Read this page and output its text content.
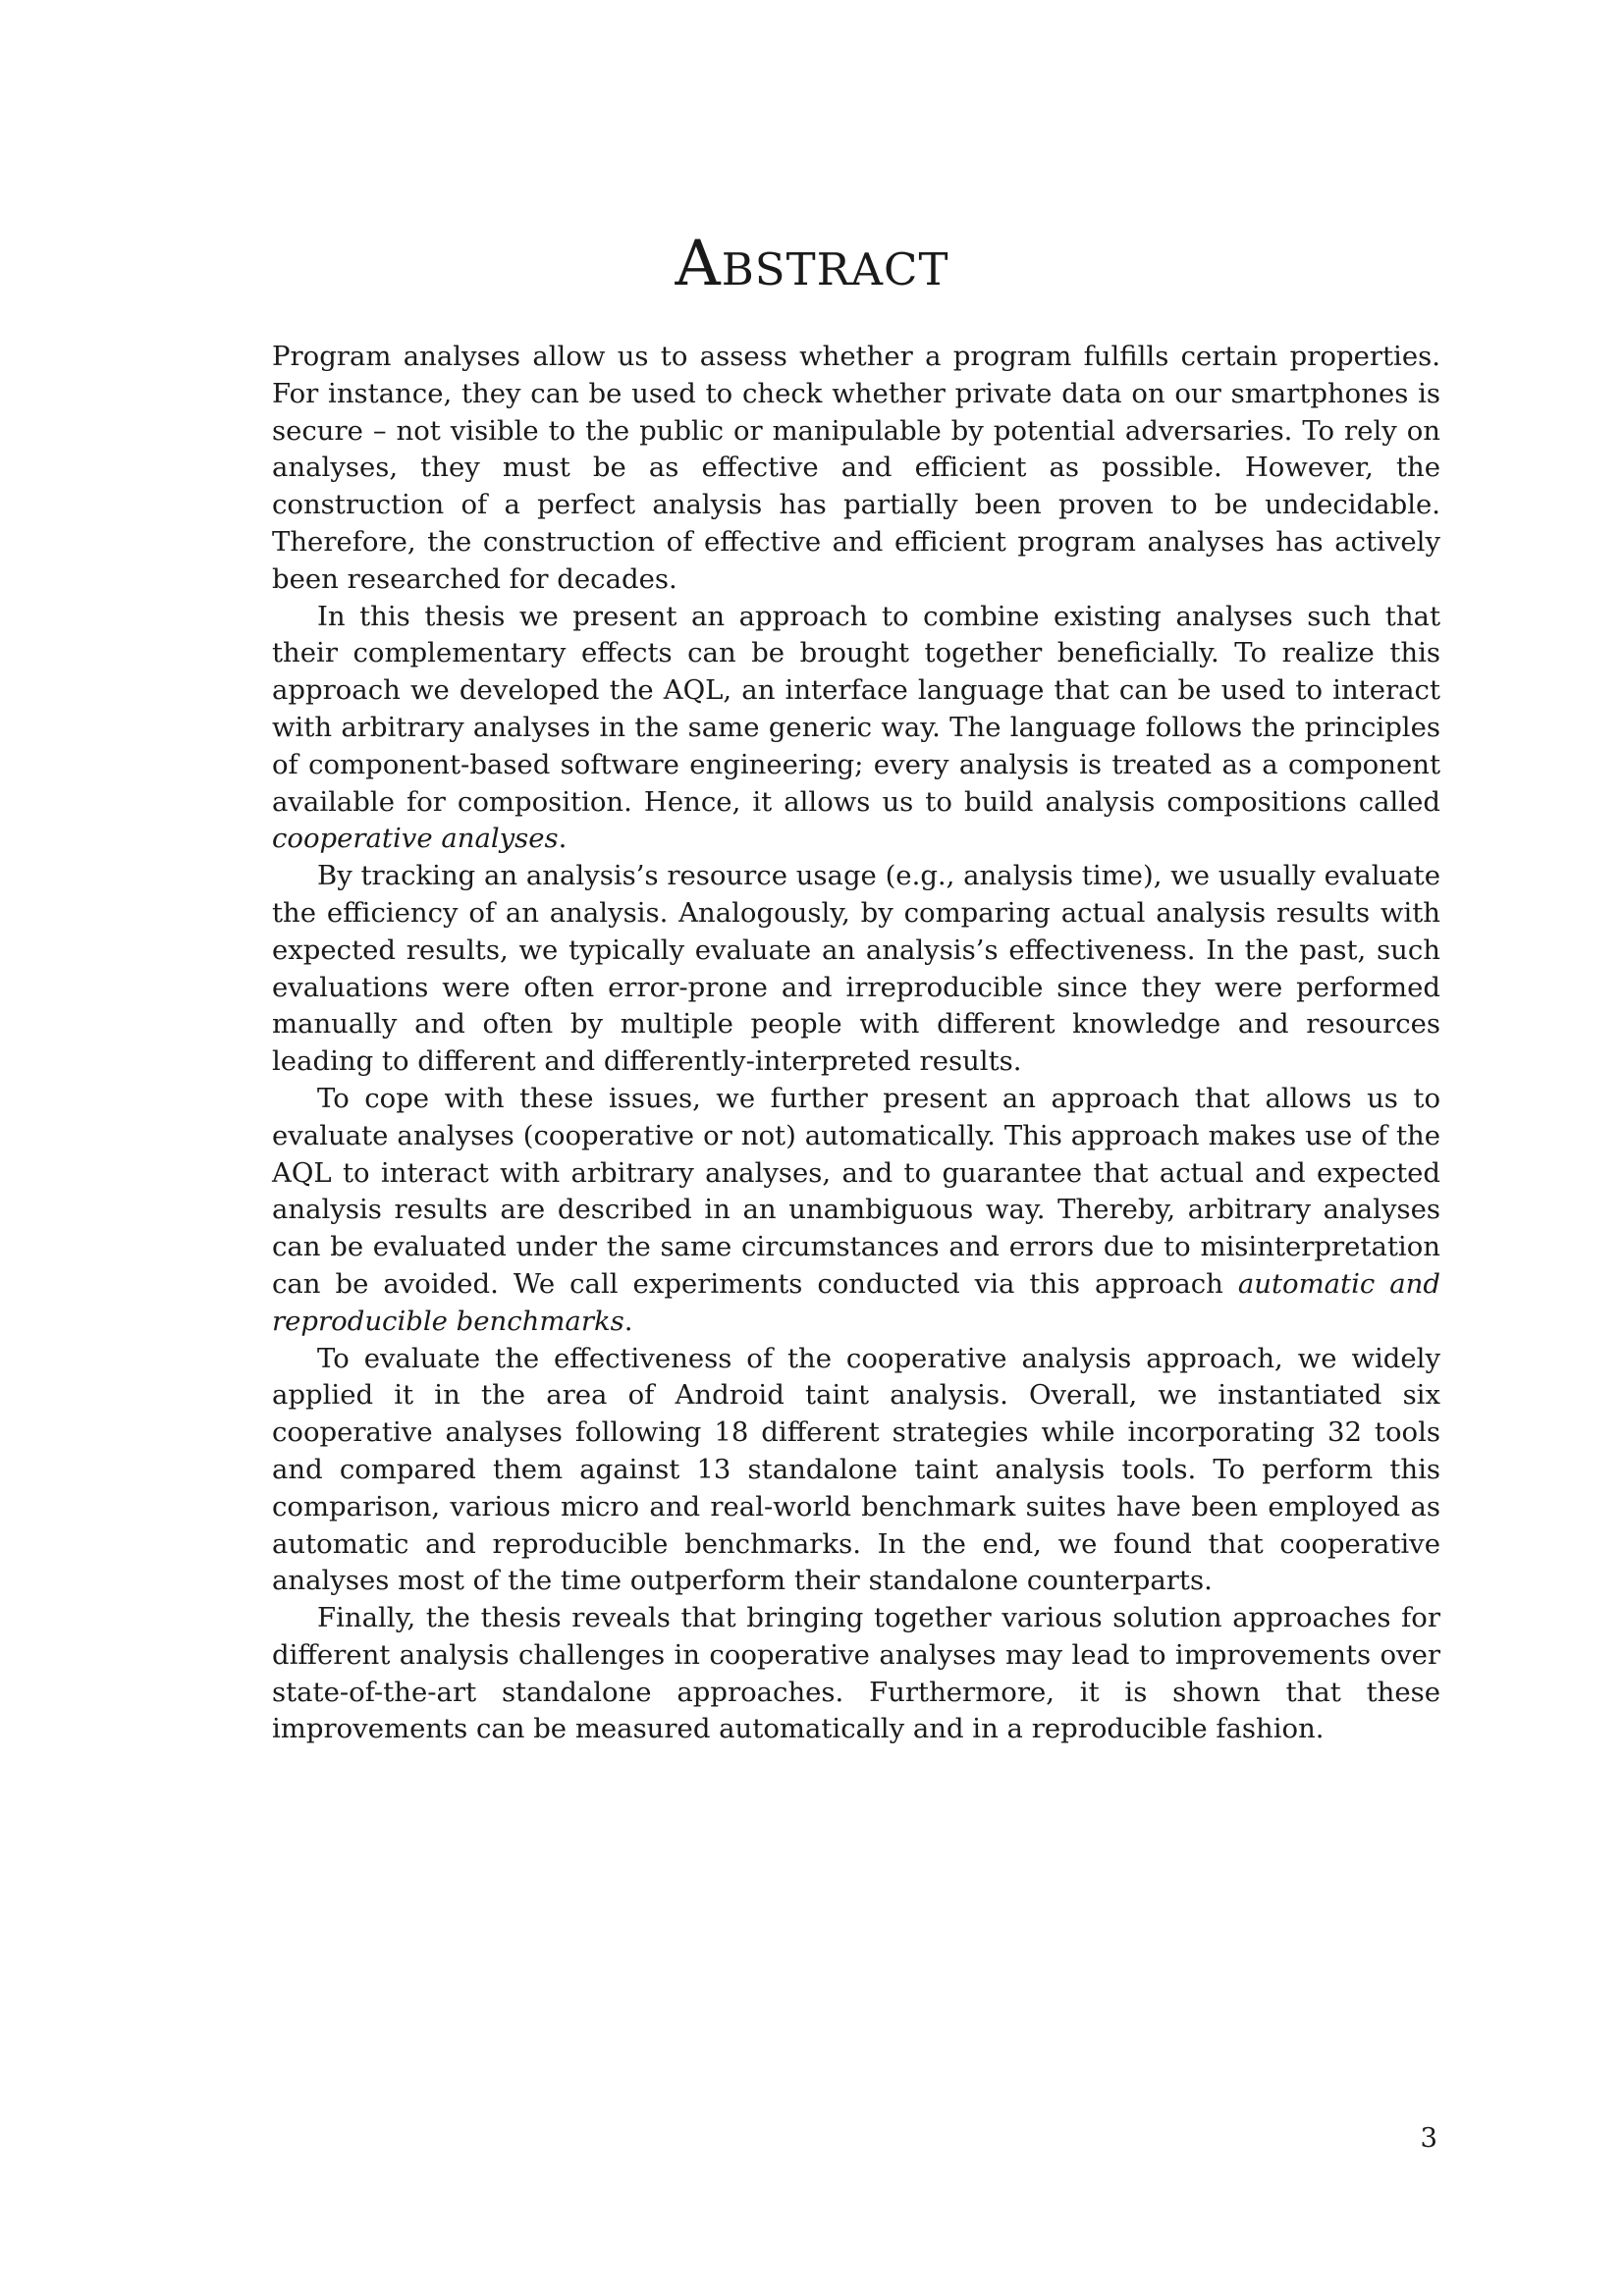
Abstract

Program analyses allow us to assess whether a program fulfills certain properties. For instance, they can be used to check whether private data on our smartphones is secure – not visible to the public or manipulable by potential adversaries. To rely on analyses, they must be as effective and efficient as possible. However, the construction of a perfect analysis has partially been proven to be undecidable. Therefore, the construction of effective and efficient program analyses has actively been researched for decades.

In this thesis we present an approach to combine existing analyses such that their complementary effects can be brought together beneficially. To realize this approach we developed the AQL, an interface language that can be used to interact with arbitrary analyses in the same generic way. The language follows the principles of component-based software engineering; every analysis is treated as a component available for composition. Hence, it allows us to build analysis compositions called cooperative analyses.

By tracking an analysis’s resource usage (e.g., analysis time), we usually evaluate the efficiency of an analysis. Analogously, by comparing actual analysis results with expected results, we typically evaluate an analysis’s effectiveness. In the past, such evaluations were often error-prone and irreproducible since they were performed manually and often by multiple people with different knowledge and resources leading to different and differently-interpreted results.

To cope with these issues, we further present an approach that allows us to evaluate analyses (cooperative or not) automatically. This approach makes use of the AQL to interact with arbitrary analyses, and to guarantee that actual and expected analysis results are described in an unambiguous way. Thereby, arbitrary analyses can be evaluated under the same circumstances and errors due to misinterpretation can be avoided. We call experiments conducted via this approach automatic and reproducible benchmarks.

To evaluate the effectiveness of the cooperative analysis approach, we widely applied it in the area of Android taint analysis. Overall, we instantiated six cooperative analyses following 18 different strategies while incorporating 32 tools and compared them against 13 standalone taint analysis tools. To perform this comparison, various micro and real-world benchmark suites have been employed as automatic and reproducible benchmarks. In the end, we found that cooperative analyses most of the time outperform their standalone counterparts.

Finally, the thesis reveals that bringing together various solution approaches for different analysis challenges in cooperative analyses may lead to improvements over state-of-the-art standalone approaches. Furthermore, it is shown that these improvements can be measured automatically and in a reproducible fashion.

3
